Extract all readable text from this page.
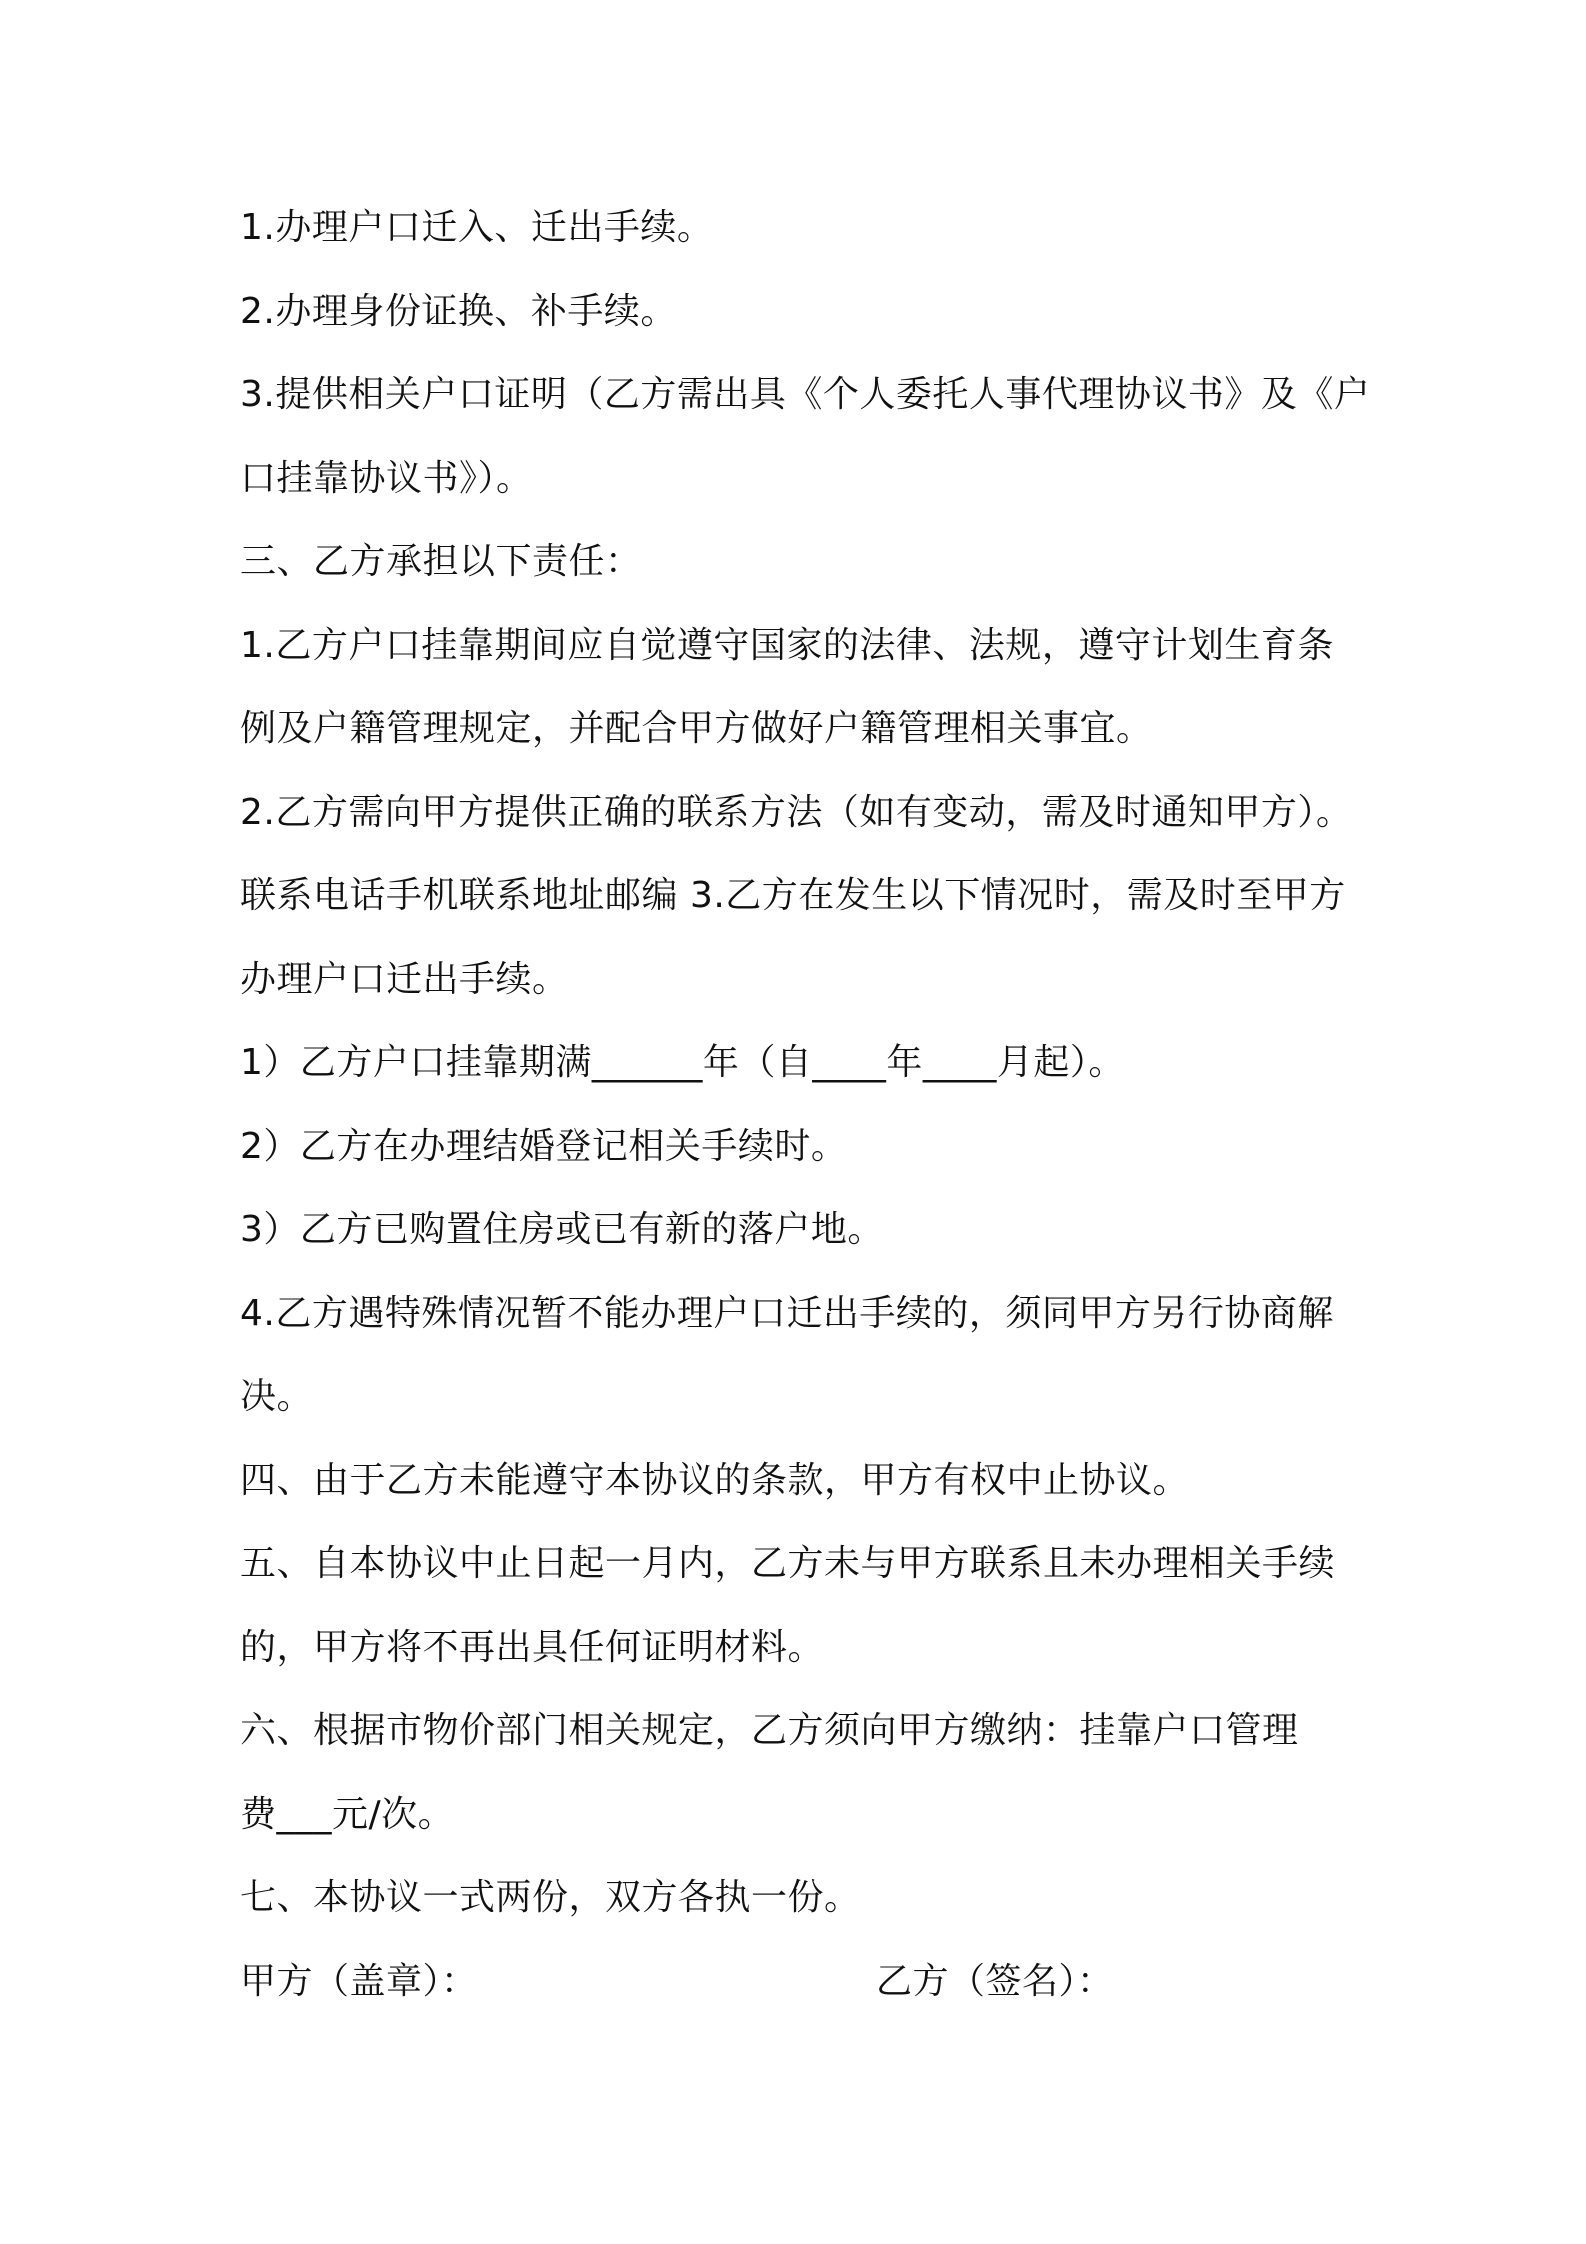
1.办理户口迁入、迁出手续。
2.办理身份证换、补手续。
3.提供相关户口证明（乙方需出具《个人委托人事代理协议书》及《户
口挂靠协议书》）。
三、乙方承担以下责任：
1.乙方户口挂靠期间应自觉遵守国家的法律、法规，遵守计划生育条
例及户籍管理规定，并配合甲方做好户籍管理相关事宜。
2.乙方需向甲方提供正确的联系方法（如有变动，需及时通知甲方）。
联系电话手机联系地址邮编 3.乙方在发生以下情况时，需及时至甲方
办理户口迁出手续。
1）乙方户口挂靠期满______年（自____年____月起）。
2）乙方在办理结婚登记相关手续时。
3）乙方已购置住房或已有新的落户地。
4.乙方遇特殊情况暂不能办理户口迁出手续的，须同甲方另行协商解
决。
四、由于乙方未能遵守本协议的条款，甲方有权中止协议。
五、自本协议中止日起一月内，乙方未与甲方联系且未办理相关手续
的，甲方将不再出具任何证明材料。
六、根据市物价部门相关规定，乙方须向甲方缴纳：挂靠户口管理
费___元/次。
七、本协议一式两份，双方各执一份。
甲方（盖章）：	乙方（签名）：
